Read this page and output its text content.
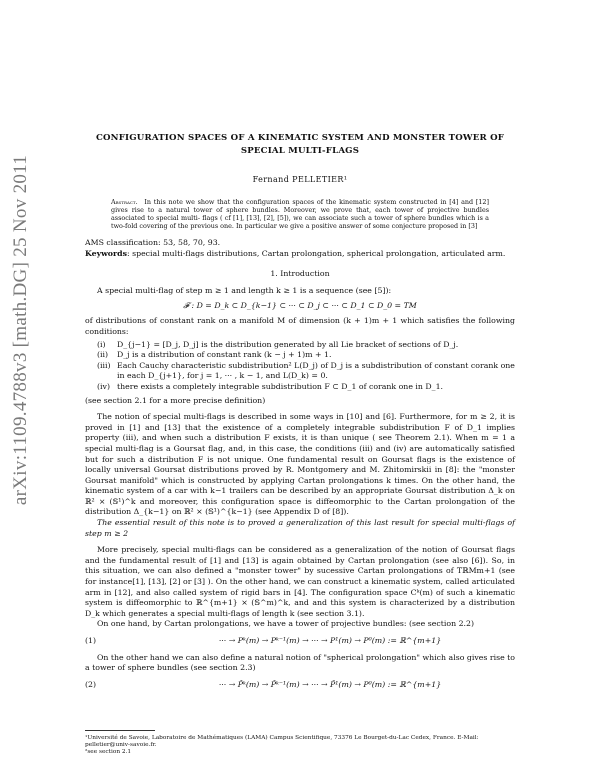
arXiv:1109.4788v3 [math.DG] 25 Nov 2011
CONFIGURATION SPACES OF A KINEMATIC SYSTEM AND MONSTER TOWER OF SPECIAL MULTI-FLAGS
Fernand PELLETIER¹
Abstract. In this note we show that the configuration spaces of the kinematic system constructed in [4] and [12] gives rise to a natural tower of sphere bundles. Moreover, we prove that, each tower of projective bundles associated to special multi- flags ( cf [1], [13], [2], [5]), we can associate such a tower of sphere bundles which is a two-fold covering of the previous one. In particular we give a positive answer of some conjecture proposed in [3]

AMS classification: 53, 58, 70, 93.

Keywords: special multi-flags distributions, Cartan prolongation, spherical prolongation, articulated arm.

1. Introduction

A special multi-flag of step m ≥ 1 and length k ≥ 1 is a sequence (see [5]):

𝓕 : D = D_k ⊂ D_{k−1} ⊂ ··· ⊂ D_j ⊂ ··· ⊂ D_1 ⊂ D_0 = TM

of distributions of constant rank on a manifold M of dimension (k + 1)m + 1 which satisfies the following conditions:

(i)	D_{j−1} = [D_j, D_j] is the distribution generated by all Lie bracket of sections of D_j.
(ii)	D_j is a distribution of constant rank (k − j + 1)m + 1.
(iii) Each Cauchy characteristic subdistribution² L(D_j) of D_j is a subdistribution of constant corank one in each D_{j+1}, for j = 1, ··· , k − 1, and L(D_k) = 0.
(iv) there exists a completely integrable subdistribution F ⊂ D_1 of corank one in D_1.

(see section 2.1 for a more precise definition)

The notion of special multi-flags is described in some ways in [10] and [6]. Furthermore, for m ≥ 2, it is proved in [1] and [13] that the existence of a completely integrable subdistribution F of D_1 implies property (iii), and when such a distribution F exists, it is than unique ( see Theorem 2.1). When m = 1 a special multi-flag is a Goursat flag, and, in this case, the conditions (iii) and (iv) are automatically satisfied but for such a distribution F is not unique. One fundamental result on Goursat flags is the existence of locally universal Goursat distributions proved by R. Montgomery and M. Zhitomirskii in [8]: the "monster Goursat manifold" which is constructed by applying Cartan prolongations k times. On the other hand, the kinematic system of a car with k−1 trailers can be described by an appropriate Goursat distribution Δ_k on ℝ² × (𝕊¹)^k and moreover, this configuration space is diffeomorphic to the Cartan prolongation of the distribution Δ_{k−1} on ℝ² × (𝕊¹)^{k−1} (see Appendix D of [8]).

The essential result of this note is to proved a generalization of this last result for special multi-flags of step m ≥ 2

More precisely, special multi-flags can be considered as a generalization of the notion of Goursat flags and the fundamental result of [1] and [13] is again obtained by Cartan prolongation (see also [6]). So, in this situation, we can also defined a "monster tower" by sucessive Cartan prolongations of TℝMm+1 (see for instance[1], [13], [2] or [3] ). On the other hand, we can construct a kinematic system, called articulated arm in [12], and also called system of rigid bars in [4]. The configuration space Cᵏ(m) of such a kinematic system is diffeomorphic to ℝ^{m+1} × (𝕊^m)^k, and and this system is characterized by a distribution D_k which generates a special multi-flags of length k (see section 3.1).

On one hand, by Cartan prolongations, we have a tower of projective bundles: (see section 2.2)

(1)	··· → Pᵏ(m) → Pᵏ⁻¹(m) → ··· → P¹(m) → P⁰(m) := ℝ^{m+1}

On the other hand we can also define a natural notion of "spherical prolongation" which also gives rise to a tower of sphere bundles (see section 2.3)

(2)	··· → P̂ᵏ(m) → P̂ᵏ⁻¹(m) → ··· → P̂¹(m) → P⁰(m) := ℝ^{m+1}
¹Université de Savoie, Laboratoire de Mathématiques (LAMA) Campus Scientifique, 73376 Le Bourget-du-Lac Cedex, France. E-Mail: pelletier@univ-savoie.fr.
²see section 2.1
